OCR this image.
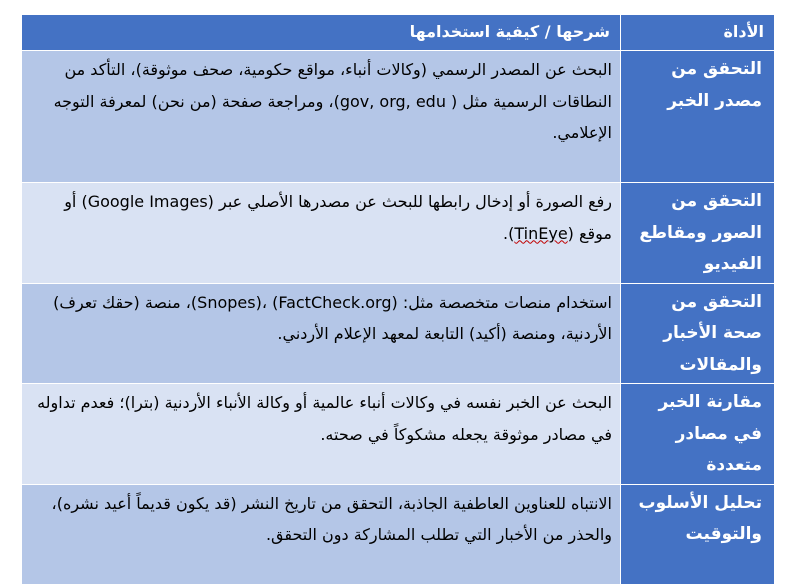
الأداة	شرحها / كيفية استخدامها
التحقق من مصدر الخبر	البحث عن المصدر الرسمي (وكالات أنباء، مواقع حكومية، صحف موثوقة)، التأكد من النطاقات الرسمية مثل ( gov, org, edu)، ومراجعة صفحة (من نحن) لمعرفة التوجه الإعلامي.
التحقق من الصور ومقاطع الفيديو	رفع الصورة أو إدخال رابطها للبحث عن مصدرها الأصلي عبر (Google Images) أو موقع (TinEye).
التحقق من صحة الأخبار والمقالات	استخدام منصات متخصصة مثل: (Snopes)، (FactCheck.org)، منصة (حقك تعرف) الأردنية، ومنصة (أكيد) التابعة لمعهد الإعلام الأردني.
مقارنة الخبر في مصادر متعددة	البحث عن الخبر نفسه في وكالات أنباء عالمية أو وكالة الأنباء الأردنية (بترا)؛ فعدم تداوله في مصادر موثوقة يجعله مشكوكاً في صحته.
تحليل الأسلوب والتوقيت	الانتباه للعناوين العاطفية الجاذبة، التحقق من تاريخ النشر (قد يكون قديماً أعيد نشره)، والحذر من الأخبار التي تطلب المشاركة دون التحقق.
